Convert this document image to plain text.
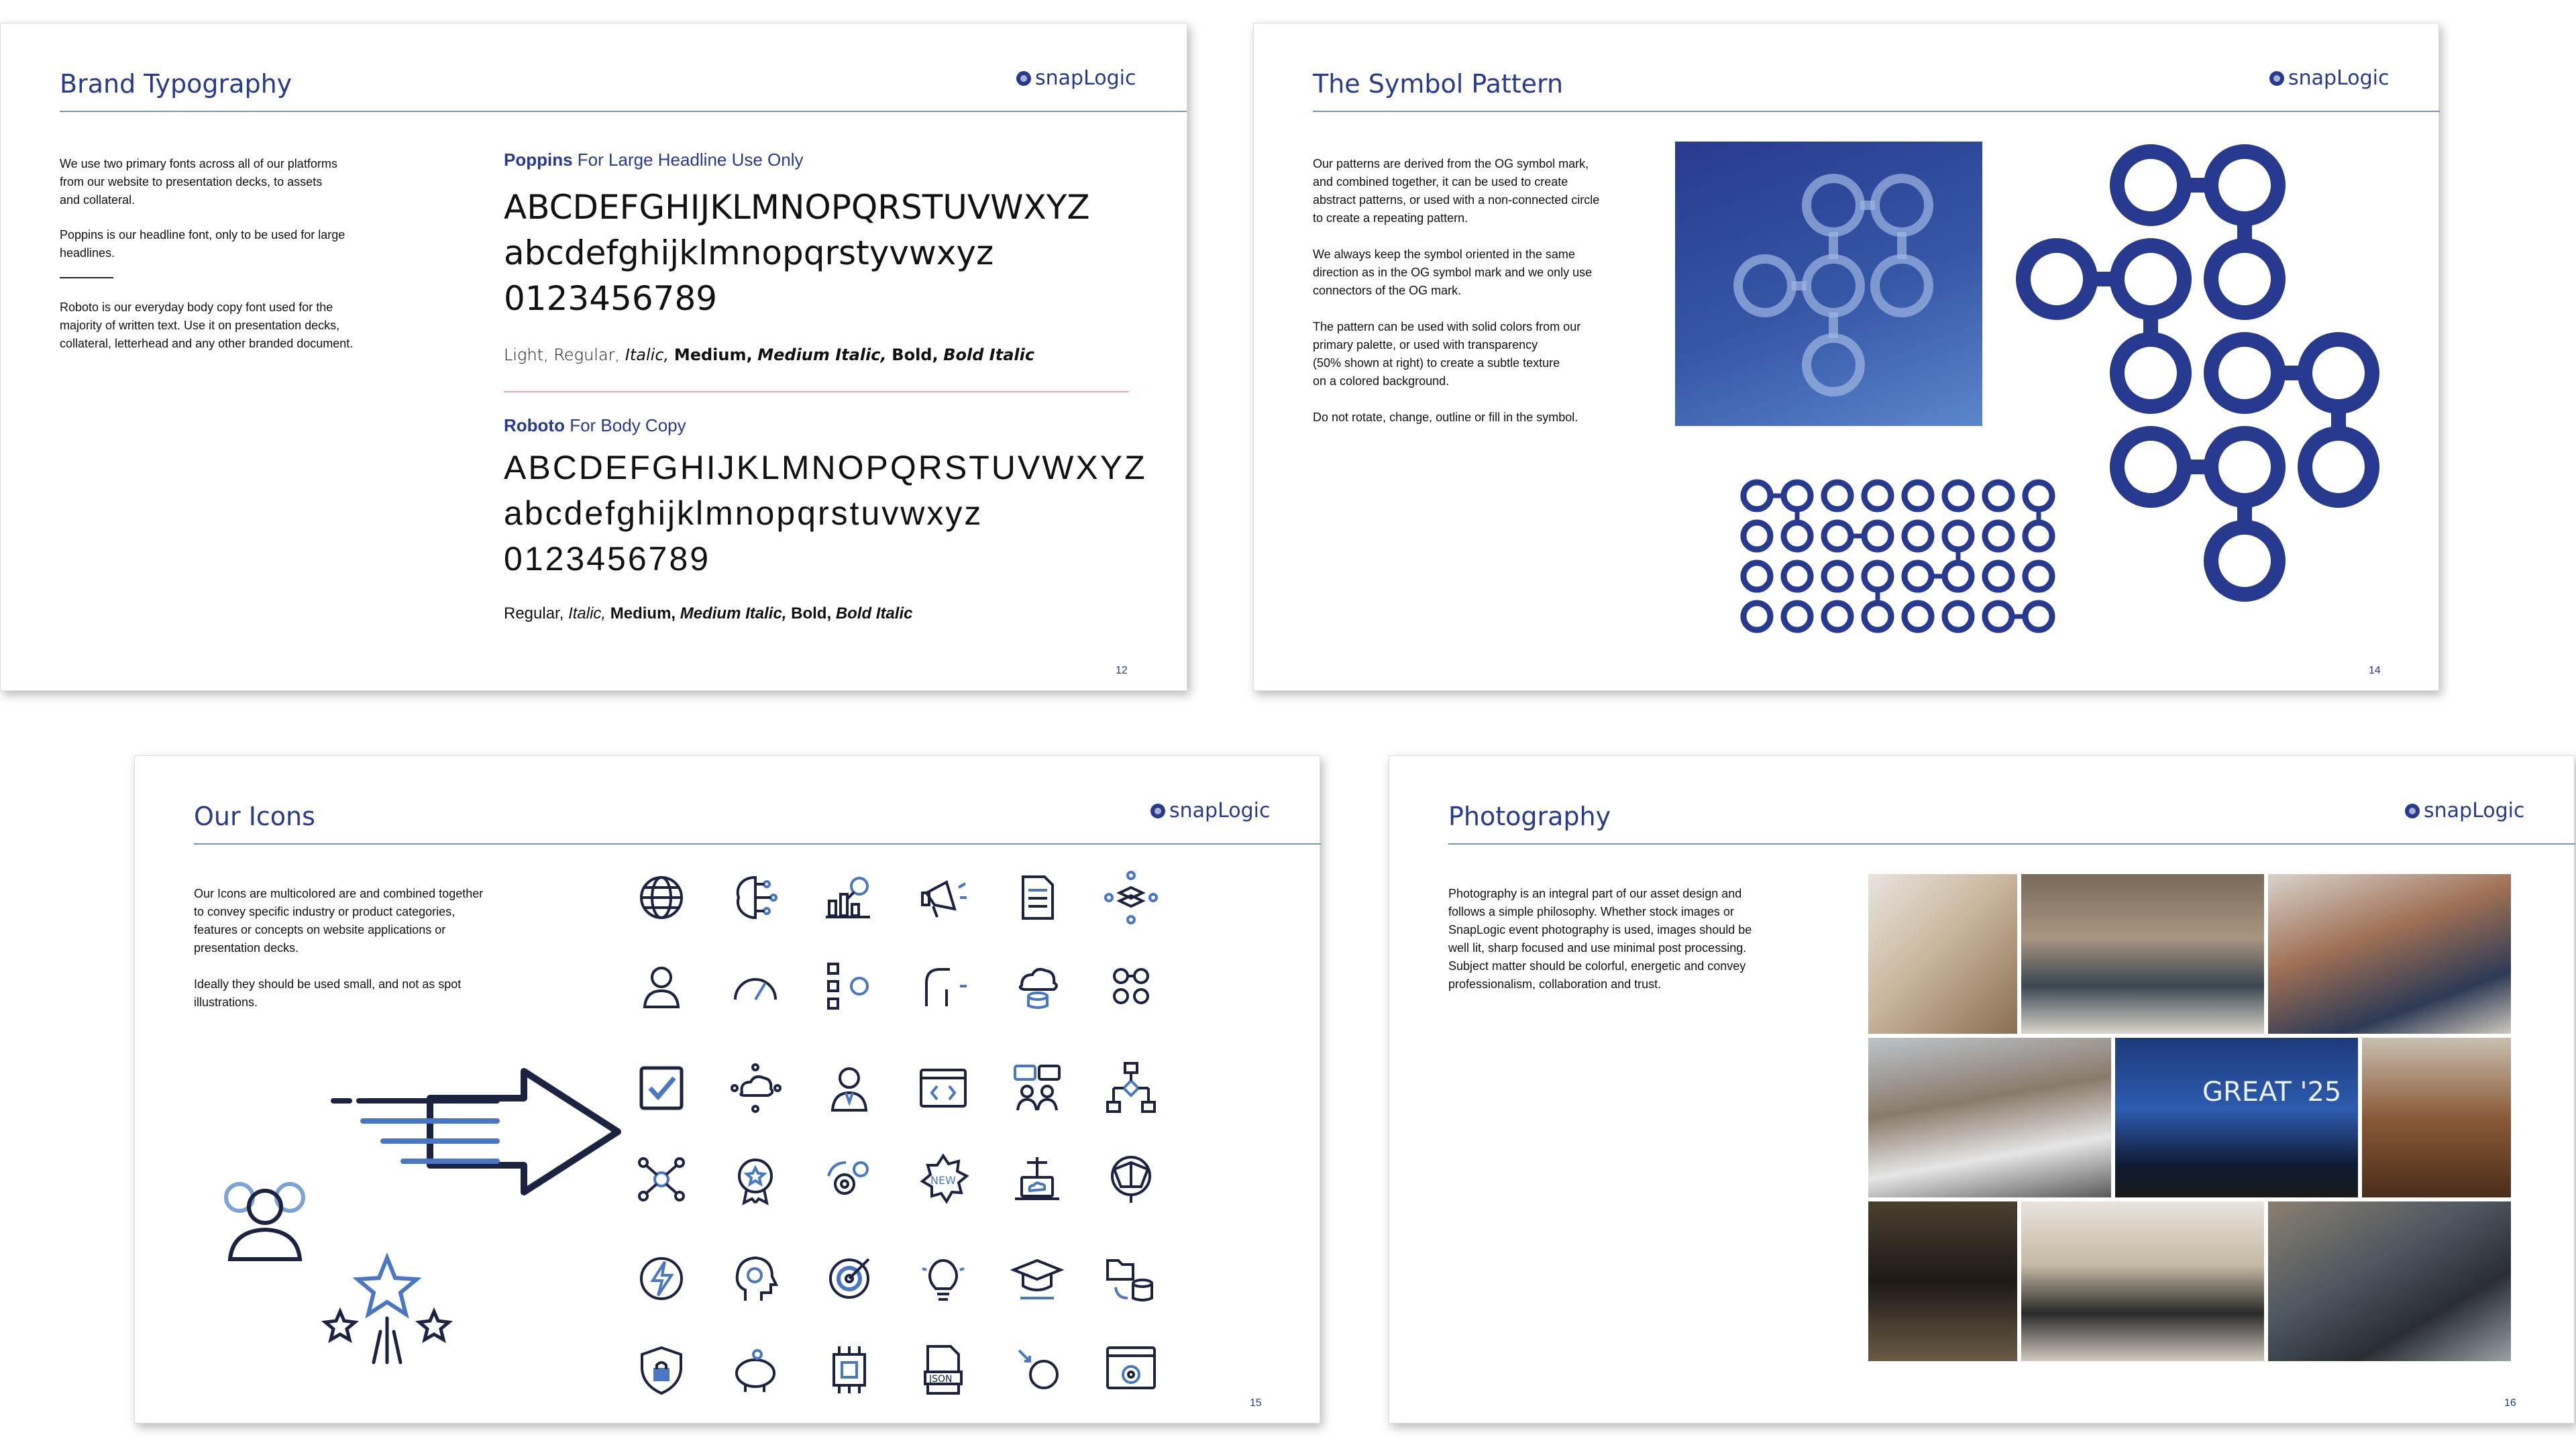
Brand Typography	snapLogic
We use two primary fonts across all of our platforms
from our website to presentation decks, to assets
and collateral.
Poppins is our headline font, only to be used for large
headlines.
Roboto is our everyday body copy font used for the
majority of written text. Use it on presentation decks,
collateral, letterhead and any other branded document.
Poppins For Large Headline Use Only
ABCDEFGHIJKLMNOPQRSTUVWXYZ
abcdefghijklmnopqrstyvwxyz
0123456789
Light, Regular, Italic, Medium, Medium Italic, Bold, Bold Italic
Roboto For Body Copy
ABCDEFGHIJKLMNOPQRSTUVWXYZ
abcdefghijklmnopqrstuvwxyz
0123456789
Regular, Italic, Medium, Medium Italic, Bold, Bold Italic
12
The Symbol Pattern	snapLogic
Our patterns are derived from the OG symbol mark,
and combined together, it can be used to create
abstract patterns, or used with a non-connected circle
to create a repeating pattern.

We always keep the symbol oriented in the same
direction as in the OG symbol mark and we only use
connectors of the OG mark.

The pattern can be used with solid colors from our
primary palette, or used with transparency
(50% shown at right) to create a subtle texture
on a colored background.

Do not rotate, change, outline or fill in the symbol.
14
Our Icons	snapLogic
Our Icons are multicolored are and combined together
to convey specific industry or product categories,
features or concepts on website applications or
presentation decks.

Ideally they should be used small, and not as spot
illustrations.
NEW
JSON
15
Photography	snapLogic
Photography is an integral part of our asset design and
follows a simple philosophy. Whether stock images or
SnapLogic event photography is used, images should be
well lit, sharp focused and use minimal post processing.
Subject matter should be colorful, energetic and convey
professionalism, collaboration and trust.
GREAT '25
16
